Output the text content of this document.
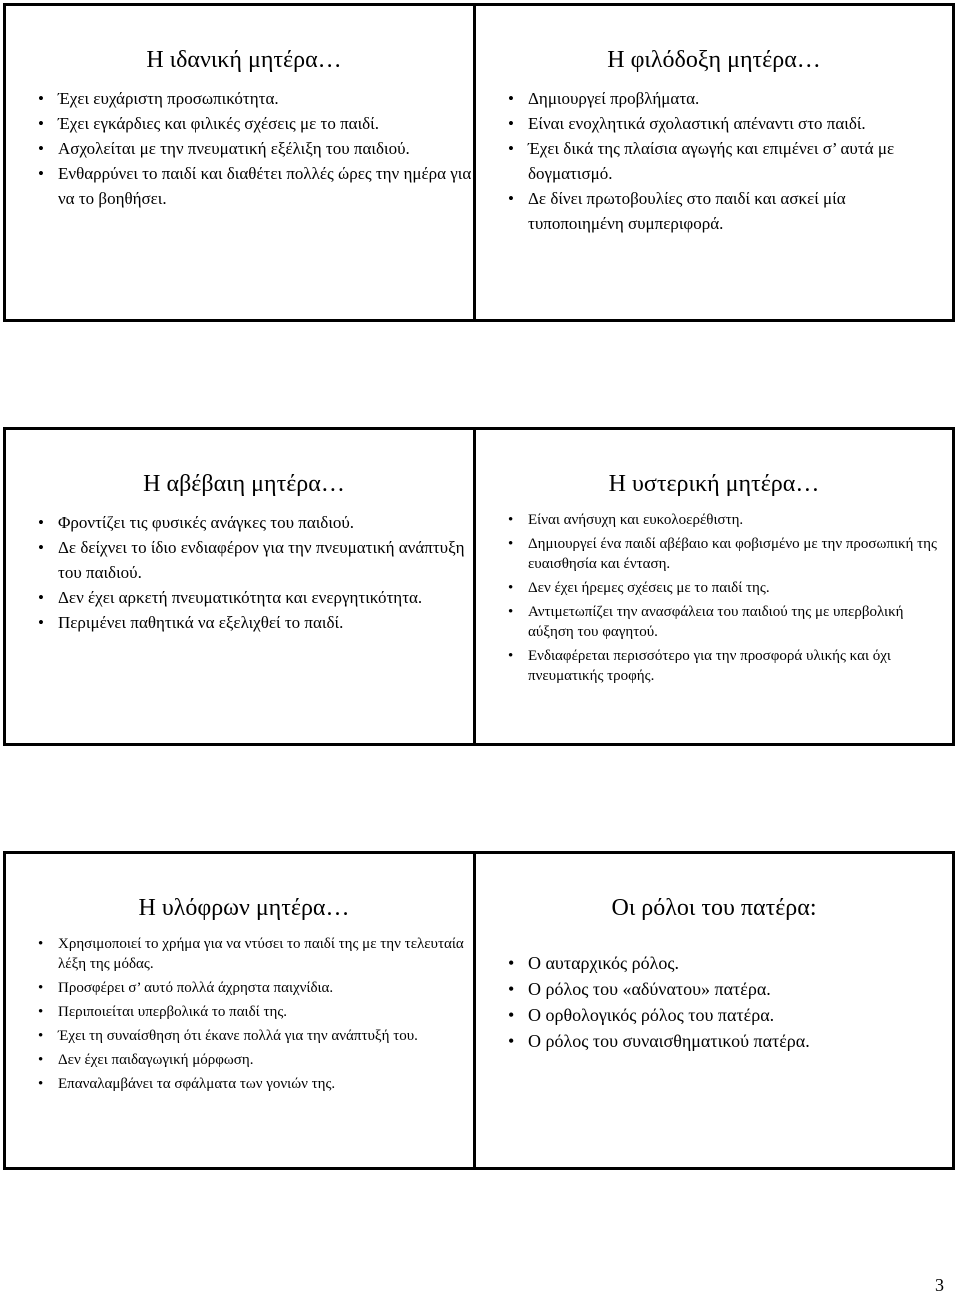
Η ιδανική μητέρα…
• Έχει ευχάριστη προσωπικότητα.
• Έχει εγκάρδιες και φιλικές σχέσεις με το παιδί.
• Ασχολείται με την πνευματική εξέλιξη του παιδιού.
• Ενθαρρύνει το παιδί και διαθέτει πολλές ώρες την ημέρα για να το βοηθήσει.
Η φιλόδοξη μητέρα…
• Δημιουργεί προβλήματα.
• Είναι ενοχλητικά σχολαστική απέναντι στο παιδί.
• Έχει δικά της πλαίσια αγωγής και επιμένει σ’ αυτά με δογματισμό.
• Δε δίνει πρωτοβουλίες στο παιδί και ασκεί μία τυποποιημένη συμπεριφορά.
Η αβέβαιη μητέρα…
• Φροντίζει τις φυσικές ανάγκες του παιδιού.
• Δε δείχνει το ίδιο ενδιαφέρον για την πνευματική ανάπτυξη του παιδιού.
• Δεν έχει αρκετή πνευματικότητα και ενεργητικότητα.
• Περιμένει παθητικά να εξελιχθεί το παιδί.
Η υστερική μητέρα…
• Είναι ανήσυχη και ευκολοερέθιστη.
• Δημιουργεί ένα παιδί αβέβαιο και φοβισμένο με την προσωπική της ευαισθησία και ένταση.
• Δεν έχει ήρεμες σχέσεις με το παιδί της.
• Αντιμετωπίζει την ανασφάλεια του παιδιού της με υπερβολική αύξηση του φαγητού.
• Ενδιαφέρεται περισσότερο για την προσφορά υλικής και όχι πνευματικής τροφής.
Η υλόφρων μητέρα…
• Χρησιμοποιεί το χρήμα για να ντύσει το παιδί της με την τελευταία λέξη της μόδας.
• Προσφέρει σ’ αυτό πολλά άχρηστα παιχνίδια.
• Περιποιείται υπερβολικά το παιδί της.
• Έχει τη συναίσθηση ότι έκανε πολλά για την ανάπτυξή του.
• Δεν έχει παιδαγωγική μόρφωση.
• Επαναλαμβάνει τα σφάλματα των γονιών της.
Οι ρόλοι του πατέρα:
• Ο αυταρχικός ρόλος.
• Ο ρόλος του «αδύνατου» πατέρα.
• Ο ορθολογικός ρόλος του πατέρα.
• Ο ρόλος του συναισθηματικού πατέρα.
3
